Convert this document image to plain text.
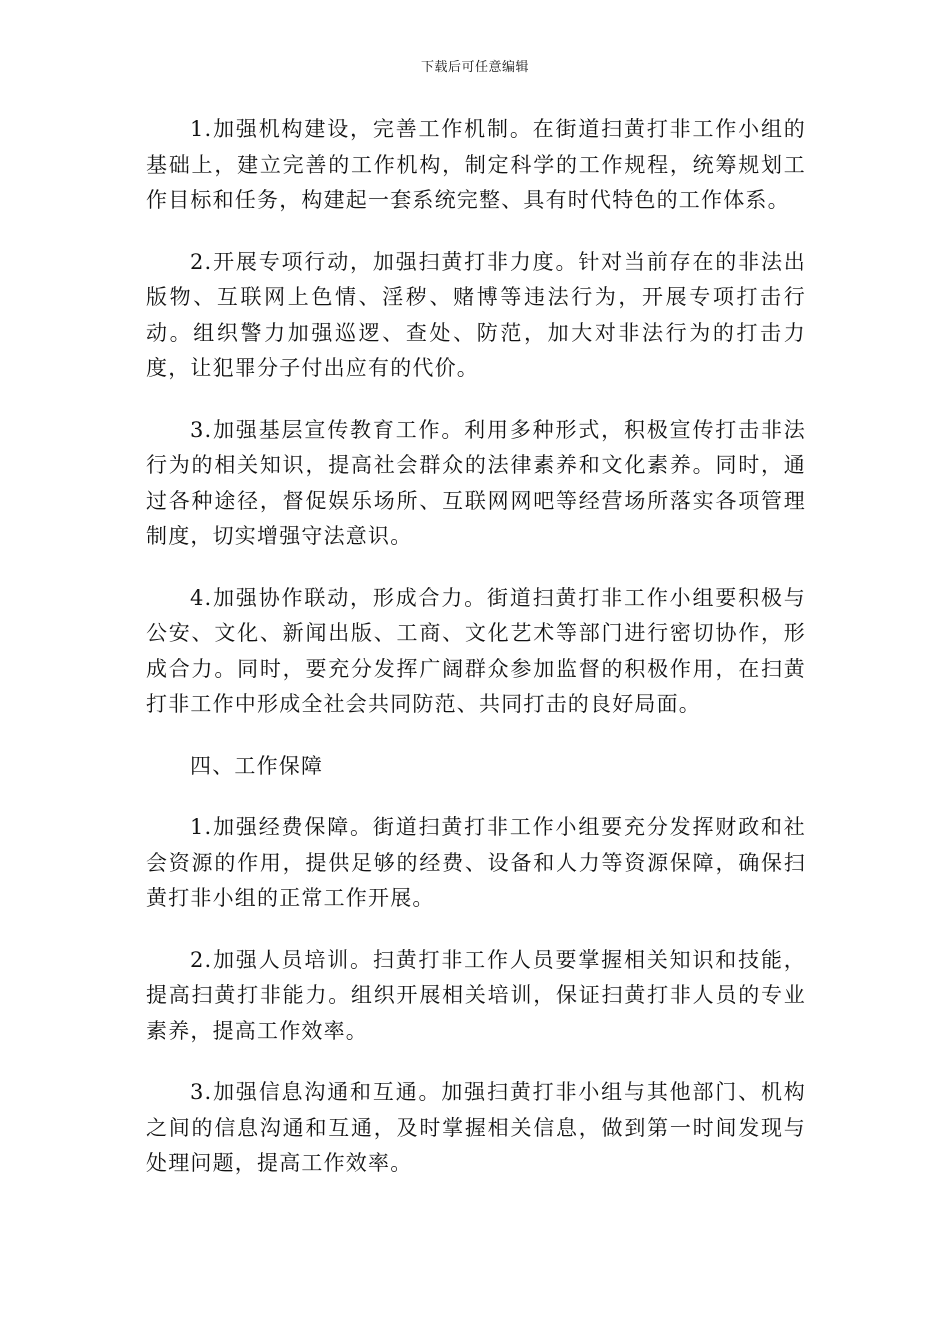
下载后可任意编辑

1.加强机构建设，完善工作机制。在街道扫黄打非工作小组的基础上，建立完善的工作机构，制定科学的工作规程，统筹规划工作目标和任务，构建起一套系统完整、具有时代特色的工作体系。

2.开展专项行动，加强扫黄打非力度。针对当前存在的非法出版物、互联网上色情、淫秽、赌博等违法行为，开展专项打击行动。组织警力加强巡逻、查处、防范，加大对非法行为的打击力度，让犯罪分子付出应有的代价。

3.加强基层宣传教育工作。利用多种形式，积极宣传打击非法行为的相关知识，提高社会群众的法律素养和文化素养。同时，通过各种途径，督促娱乐场所、互联网网吧等经营场所落实各项管理制度，切实增强守法意识。

4.加强协作联动，形成合力。街道扫黄打非工作小组要积极与公安、文化、新闻出版、工商、文化艺术等部门进行密切协作，形成合力。同时，要充分发挥广阔群众参加监督的积极作用，在扫黄打非工作中形成全社会共同防范、共同打击的良好局面。

四、工作保障

1.加强经费保障。街道扫黄打非工作小组要充分发挥财政和社会资源的作用，提供足够的经费、设备和人力等资源保障，确保扫黄打非小组的正常工作开展。

2.加强人员培训。扫黄打非工作人员要掌握相关知识和技能，提高扫黄打非能力。组织开展相关培训，保证扫黄打非人员的专业素养，提高工作效率。

3.加强信息沟通和互通。加强扫黄打非小组与其他部门、机构之间的信息沟通和互通，及时掌握相关信息，做到第一时间发现与处理问题，提高工作效率。
